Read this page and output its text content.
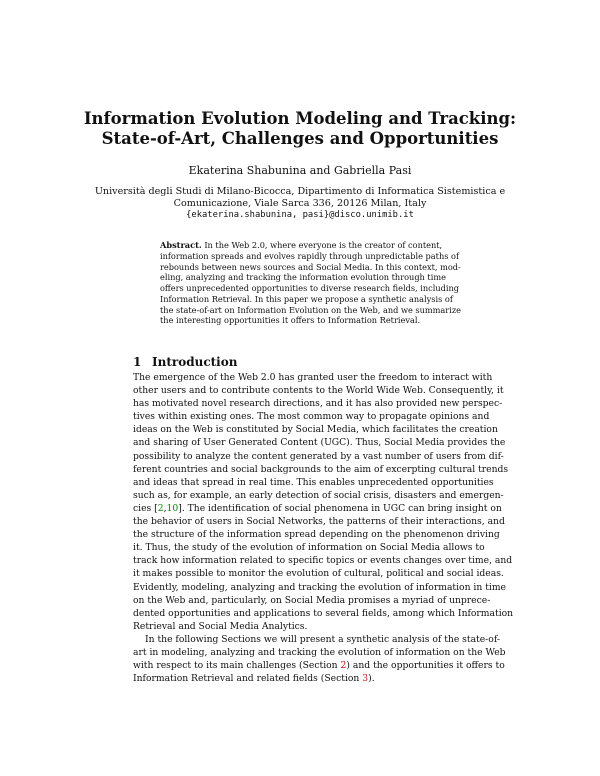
Information Evolution Modeling and Tracking:
State-of-Art, Challenges and Opportunities
Ekaterina Shabunina and Gabriella Pasi
Università degli Studi di Milano-Bicocca, Dipartimento di Informatica Sistemistica e
Comunicazione, Viale Sarca 336, 20126 Milan, Italy
{ekaterina.shabunina, pasi}@disco.unimib.it
Abstract. In the Web 2.0, where everyone is the creator of content,
information spreads and evolves rapidly through unpredictable paths of
rebounds between news sources and Social Media. In this context, mod-
eling, analyzing and tracking the information evolution through time
offers unprecedented opportunities to diverse research fields, including
Information Retrieval. In this paper we propose a synthetic analysis of
the state-of-art on Information Evolution on the Web, and we summarize
the interesting opportunities it offers to Information Retrieval.
1 Introduction
The emergence of the Web 2.0 has granted user the freedom to interact with
other users and to contribute contents to the World Wide Web. Consequently, it
has motivated novel research directions, and it has also provided new perspec-
tives within existing ones. The most common way to propagate opinions and
ideas on the Web is constituted by Social Media, which facilitates the creation
and sharing of User Generated Content (UGC). Thus, Social Media provides the
possibility to analyze the content generated by a vast number of users from dif-
ferent countries and social backgrounds to the aim of excerpting cultural trends
and ideas that spread in real time. This enables unprecedented opportunities
such as, for example, an early detection of social crisis, disasters and emergen-
cies [2,10]. The identification of social phenomena in UGC can bring insight on
the behavior of users in Social Networks, the patterns of their interactions, and
the structure of the information spread depending on the phenomenon driving
it. Thus, the study of the evolution of information on Social Media allows to
track how information related to specific topics or events changes over time, and
it makes possible to monitor the evolution of cultural, political and social ideas.
Evidently, modeling, analyzing and tracking the evolution of information in time
on the Web and, particularly, on Social Media promises a myriad of unprece-
dented opportunities and applications to several fields, among which Information
Retrieval and Social Media Analytics.
In the following Sections we will present a synthetic analysis of the state-of-
art in modeling, analyzing and tracking the evolution of information on the Web
with respect to its main challenges (Section 2) and the opportunities it offers to
Information Retrieval and related fields (Section 3).
